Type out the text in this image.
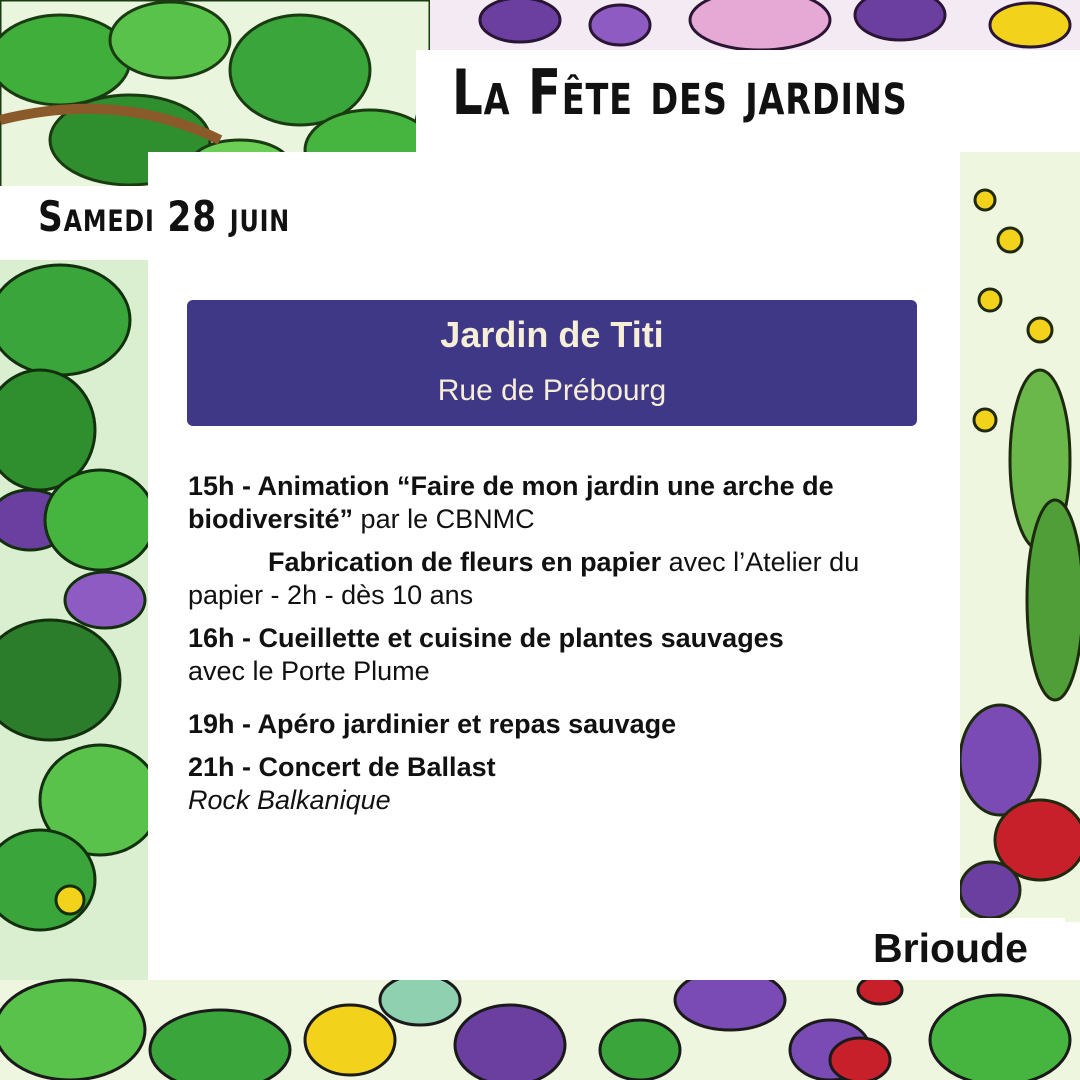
La Fête des jardins
Samedi 28 juin
Jardin de Titi
Rue de Prébourg

15h - Animation “Faire de mon jardin une arche de biodiversité” par le CBNMC

Fabrication de fleurs en papier avec l’Atelier du papier - 2h - dès 10 ans

16h - Cueillette et cuisine de plantes sauvages
avec le Porte Plume

19h - Apéro jardinier et repas sauvage

21h - Concert de Ballast
Rock Balkanique

Brioude
